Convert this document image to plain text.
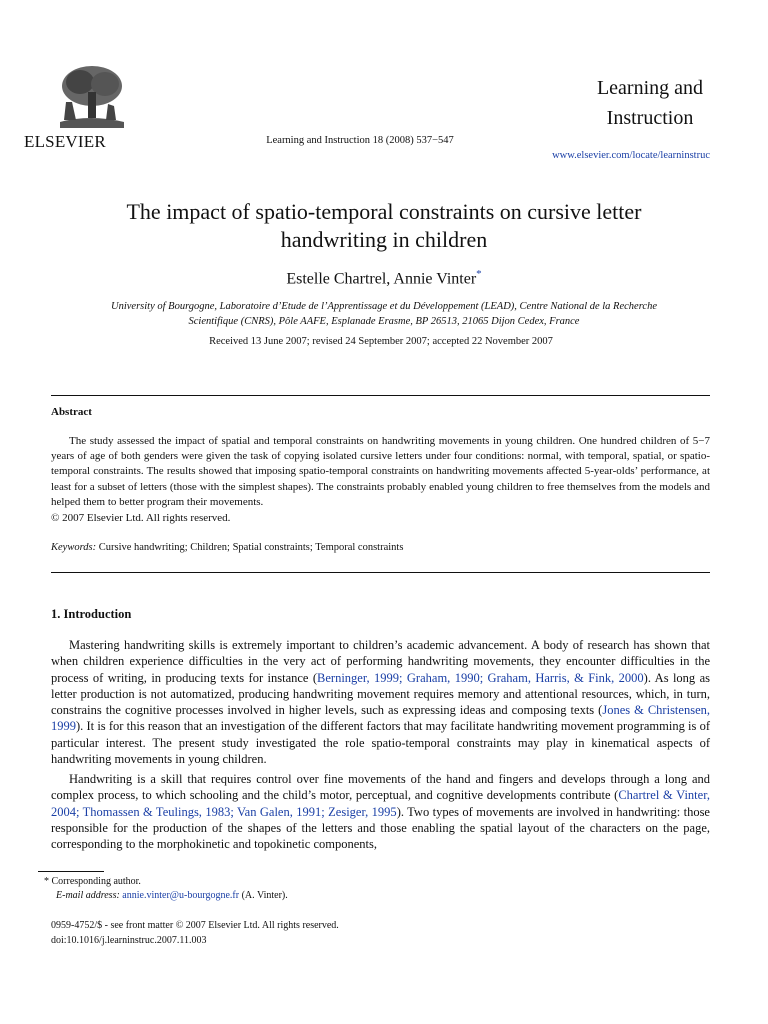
ELSEVIER	Learning and Instruction 18 (2008) 537−547
Learning and
Instruction
www.elsevier.com/locate/learninstruc
The impact of spatio-temporal constraints on cursive letter
handwriting in children
Estelle Chartrel, Annie Vinter*
University of Bourgogne, Laboratoire d’Etude de l’Apprentissage et du Développement (LEAD), Centre National de la Recherche
Scientifique (CNRS), Pôle AAFE, Esplanade Erasme, BP 26513, 21065 Dijon Cedex, France
Received 13 June 2007; revised 24 September 2007; accepted 22 November 2007
Abstract

The study assessed the impact of spatial and temporal constraints on handwriting movements in young children. One hundred children of 5−7 years of age of both genders were given the task of copying isolated cursive letters under four conditions: normal, with temporal, spatial, or spatio-temporal constraints. The results showed that imposing spatio-temporal constraints on handwriting movements affected 5-year-olds’ performance, at least for a subset of letters (those with the simplest shapes). The constraints probably enabled young children to free themselves from the models and helped them to better program their movements.

© 2007 Elsevier Ltd. All rights reserved.
Keywords: Cursive handwriting; Children; Spatial constraints; Temporal constraints
1. Introduction

Mastering handwriting skills is extremely important to children’s academic advancement. A body of research has shown that when children experience difficulties in the very act of performing handwriting movements, they encounter difficulties in the process of writing, in producing texts for instance (Berninger, 1999; Graham, 1990; Graham, Harris, & Fink, 2000). As long as letter production is not automatized, producing handwriting movement requires memory and attentional resources, which, in turn, constrains the cognitive processes involved in higher levels, such as expressing ideas and composing texts (Jones & Christensen, 1999). It is for this reason that an investigation of the different factors that may facilitate handwriting movement programming is of particular interest. The present study investigated the role spatio-temporal constraints may play in kinematical aspects of handwriting movements in young children.

Handwriting is a skill that requires control over fine movements of the hand and fingers and develops through a long and complex process, to which schooling and the child’s motor, perceptual, and cognitive developments contribute (Chartrel & Vinter, 2004; Thomassen & Teulings, 1983; Van Galen, 1991; Zesiger, 1995). Two types of movements are involved in handwriting: those responsible for the production of the shapes of the letters and those enabling the spatial layout of the characters on the page, corresponding to the morphokinetic and topokinetic components,

* Corresponding author.
E-mail address: annie.vinter@u-bourgogne.fr (A. Vinter).
0959-4752/$ - see front matter © 2007 Elsevier Ltd. All rights reserved.
doi:10.1016/j.learninstruc.2007.11.003
